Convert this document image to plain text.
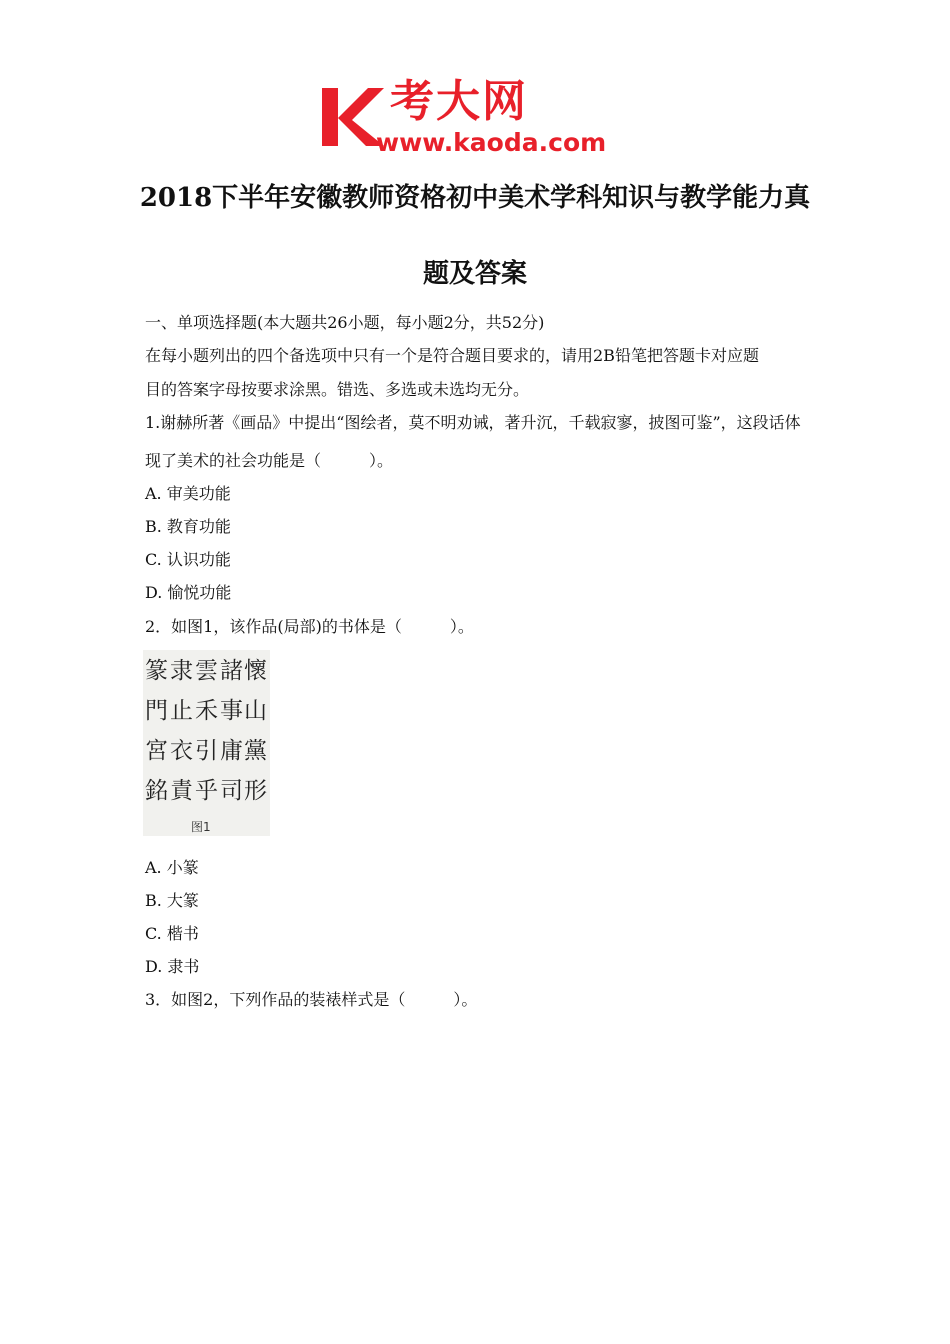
考大网
www.kaoda.com
2018下半年安徽教师资格初中美术学科知识与教学能力真
题及答案
一、单项选择题(本大题共26小题，每小题2分，共52分)
在每小题列出的四个备选项中只有一个是符合题目要求的，请用2B铅笔把答题卡对应题
目的答案字母按要求涂黑。错选、多选或未选均无分。
1.谢赫所著《画品》中提出“图绘者，莫不明劝诫，著升沉，千载寂寥，披图可鉴”，这段话体
现了美术的社会功能是（　　　）。
A. 审美功能
B. 教育功能
C. 认识功能
D. 愉悦功能
2．如图1，该作品(局部)的书体是（　　　）。
篆 隶 雲 諸 懷
門 止 禾 事 山
宮 衣 引 庸 黨
銘 責 乎 司 形
图1
A. 小篆
B. 大篆
C. 楷书
D. 隶书
3．如图2，下列作品的装裱样式是（　　　）。
